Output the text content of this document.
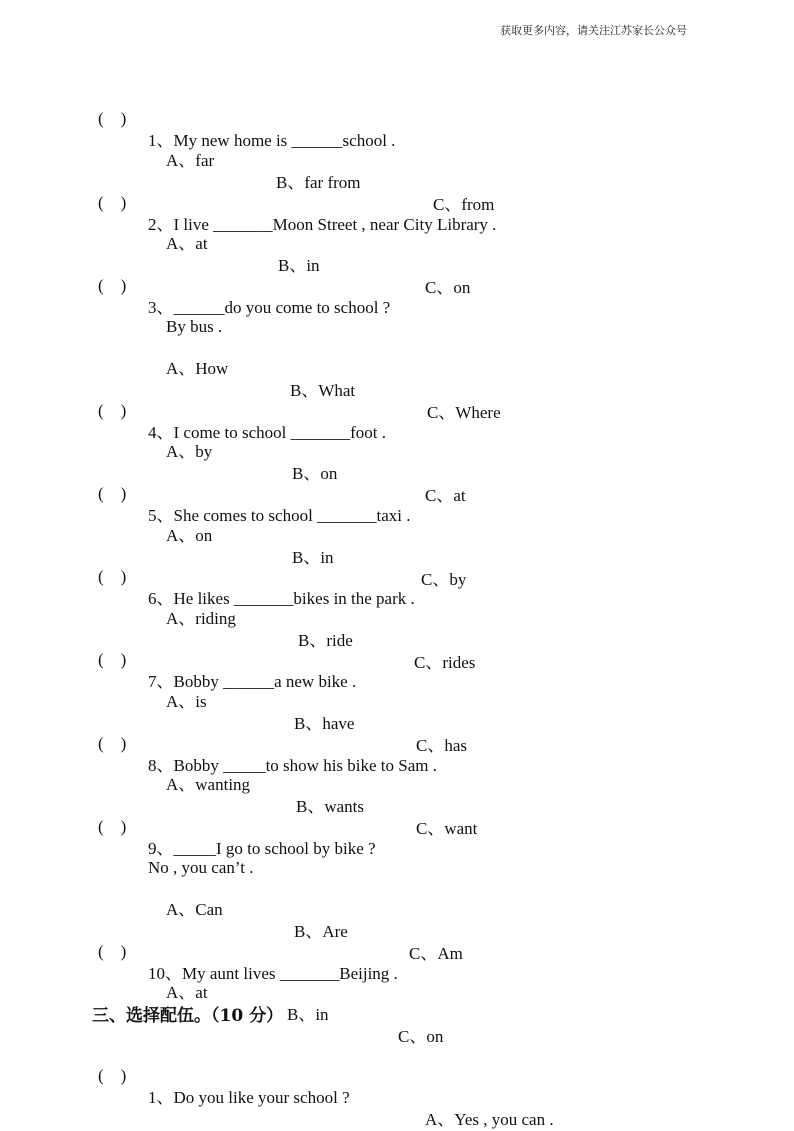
获取更多内容，请关注江苏家长公众号

(    )

1、My new home is ______school .

A、far

B、far from

C、from

(    )

2、I live _______Moon Street , near City Library .

A、at

B、in

C、on

(    )

3、______do you come to school ?

By bus .

A、How

B、What

C、Where

(    )

4、I come to school _______foot .

A、by

B、on

C、at

(    )

5、She comes to school _______taxi .

A、on

B、in

C、by

(    )

6、He likes _______bikes in the park .

A、riding

B、ride

C、rides

(    )

7、Bobby ______a new bike .

A、is

B、have

C、has

(    )

8、Bobby _____to show his bike to Sam .

A、wanting

B、wants

C、want

(    )

9、_____I go to school by bike ?

No , you can’t .

A、Can

B、Are

C、Am

(    )

10、My aunt lives _______Beijing .

A、at

B、in

C、on

三、选择配伍。（10 分）

(    )

1、Do you like your school ?

A、Yes , you can .
